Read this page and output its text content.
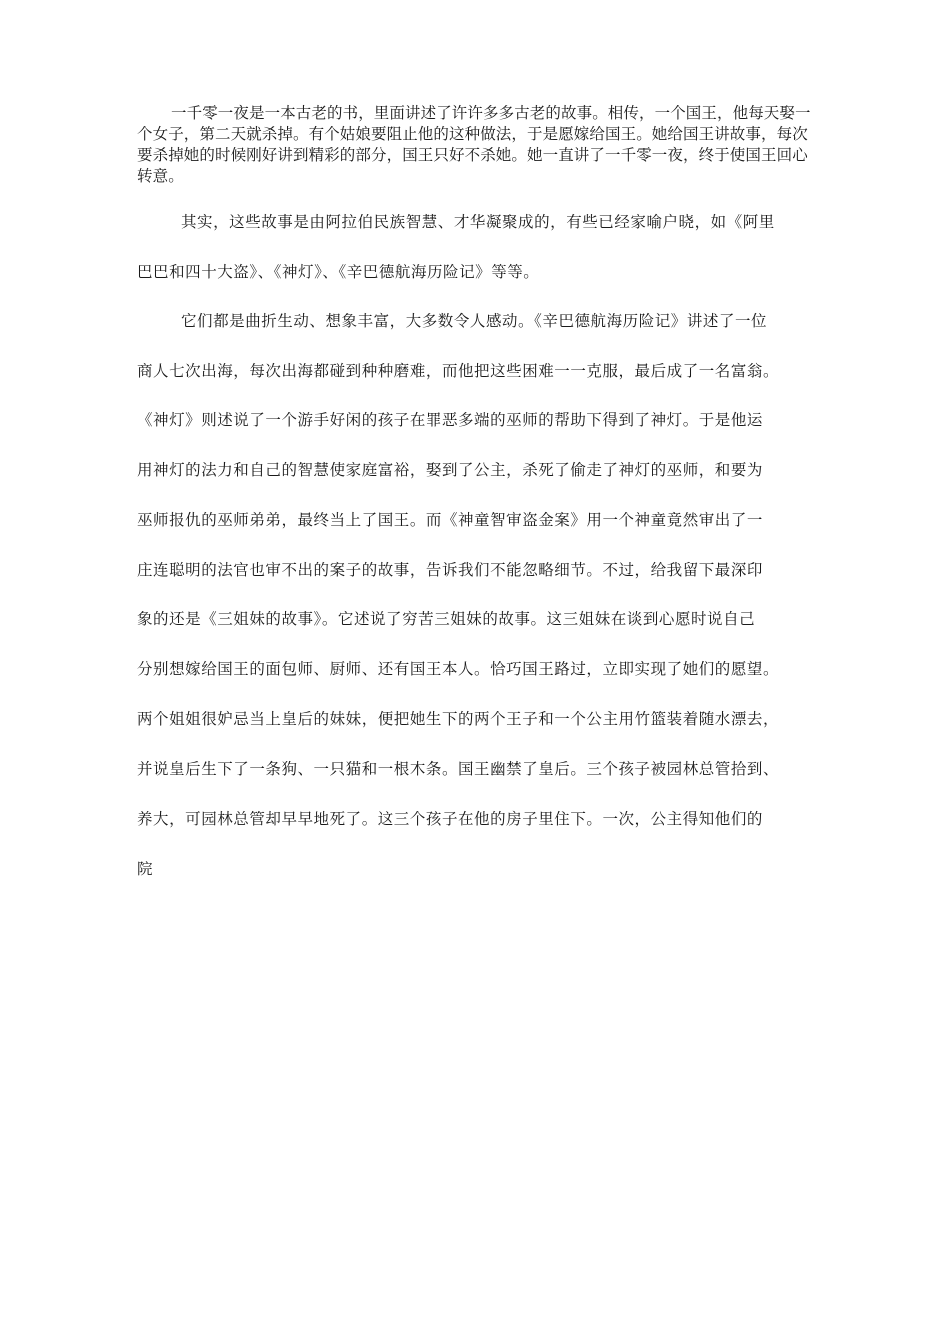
一千零一夜是一本古老的书，里面讲述了许许多多古老的故事。相传，一个国王，他每天娶一个女子，第二天就杀掉。有个姑娘要阻止他的这种做法，于是愿嫁给国王。她给国王讲故事，每次要杀掉她的时候刚好讲到精彩的部分，国王只好不杀她。她一直讲了一千零一夜，终于使国王回心转意。

其实，这些故事是由阿拉伯民族智慧、才华凝聚成的，有些已经家喻户晓，如《阿里

巴巴和四十大盗》、《神灯》、《辛巴德航海历险记》等等。

它们都是曲折生动、想象丰富，大多数令人感动。《辛巴德航海历险记》讲述了一位

商人七次出海，每次出海都碰到种种磨难，而他把这些困难一一克服，最后成了一名富翁。

《神灯》则述说了一个游手好闲的孩子在罪恶多端的巫师的帮助下得到了神灯。于是他运

用神灯的法力和自己的智慧使家庭富裕，娶到了公主，杀死了偷走了神灯的巫师，和要为

巫师报仇的巫师弟弟，最终当上了国王。而《神童智审盗金案》用一个神童竟然审出了一

庄连聪明的法官也审不出的案子的故事，告诉我们不能忽略细节。不过，给我留下最深印

象的还是《三姐妹的故事》。它述说了穷苦三姐妹的故事。这三姐妹在谈到心愿时说自己

分别想嫁给国王的面包师、厨师、还有国王本人。恰巧国王路过，立即实现了她们的愿望。

两个姐姐很妒忌当上皇后的妹妹，便把她生下的两个王子和一个公主用竹篮装着随水漂去，

并说皇后生下了一条狗、一只猫和一根木条。国王幽禁了皇后。三个孩子被园林总管拾到、

养大，可园林总管却早早地死了。这三个孩子在他的房子里住下。一次，公主得知他们的

院
